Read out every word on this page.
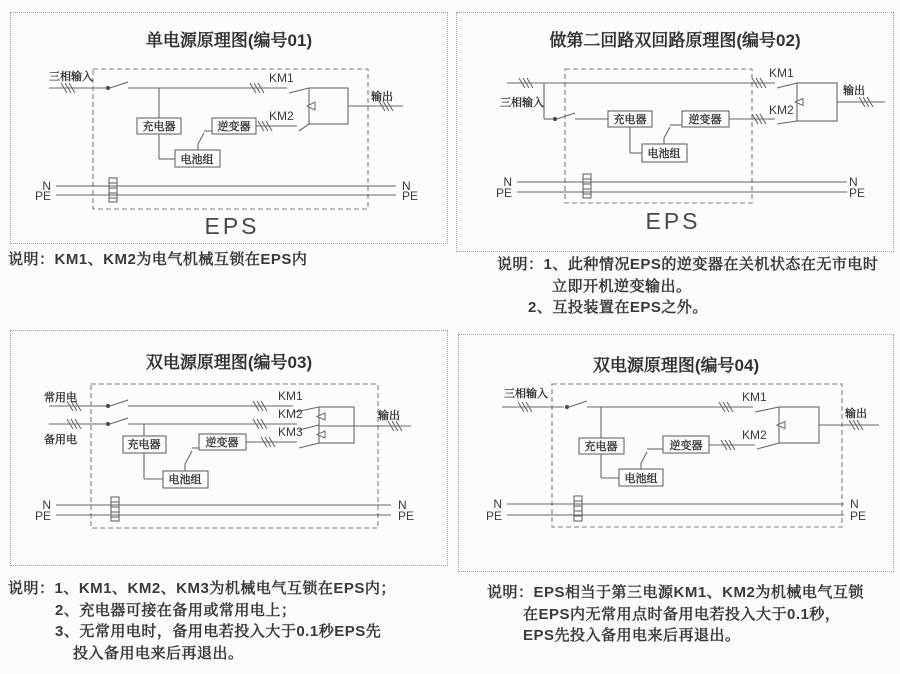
单电源原理图(编号01)
三相输入	KM1
KM2
充电器	逆变器
电池组
输出
N
PE
N
PE
EPS
说明：KM1、KM2为电气机械互锁在EPS内
做第二回路双回路原理图(编号02)
三相输入
KM1
KM2
充电器	逆变器
电池组
输出
N
PE
N
PE
EPS
说明：1、此种情况EPS的逆变器在关机状态在无市电时
立即开机逆变输出。
2、互投装置在EPS之外。
双电源原理图(编号03)
常用电
备用电
KM1
KM2
KM3
充电器	逆变器
电池组
输出
N
PE
N
PE
说明：1、KM1、KM2、KM3为机械电气互锁在EPS内；
2、充电器可接在备用或常用电上；
3、无常用电时，备用电若投入大于0.1秒EPS先
投入备用电来后再退出。
双电源原理图(编号04)
三相输入	KM1
KM2
充电器	逆变器
电池组
输出
N
PE
N
PE
说明：EPS相当于第三电源KM1、KM2为机械电气互锁
在EPS内无常用点时备用电若投入大于0.1秒，
EPS先投入备用电来后再退出。
